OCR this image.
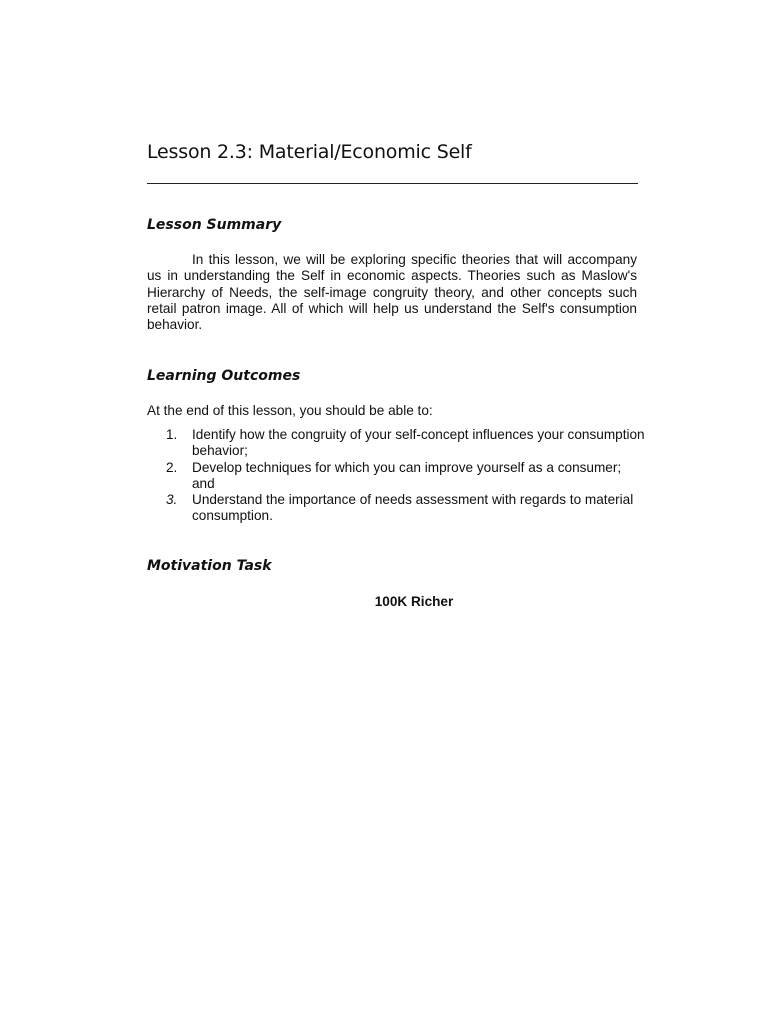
Lesson 2.3: Material/Economic Self
Lesson Summary

In this lesson, we will be exploring specific theories that will accompany us in understanding the Self in economic aspects. Theories such as Maslow's Hierarchy of Needs, the self-image congruity theory, and other concepts such retail patron image. All of which will help us understand the Self's consumption behavior.

Learning Outcomes

At the end of this lesson, you should be able to:

1.	Identify how the congruity of your self-concept influences your consumption behavior;
2.	Develop techniques for which you can improve yourself as a consumer; and
3.	Understand the importance of needs assessment with regards to material consumption.
Motivation Task

100K Richer
